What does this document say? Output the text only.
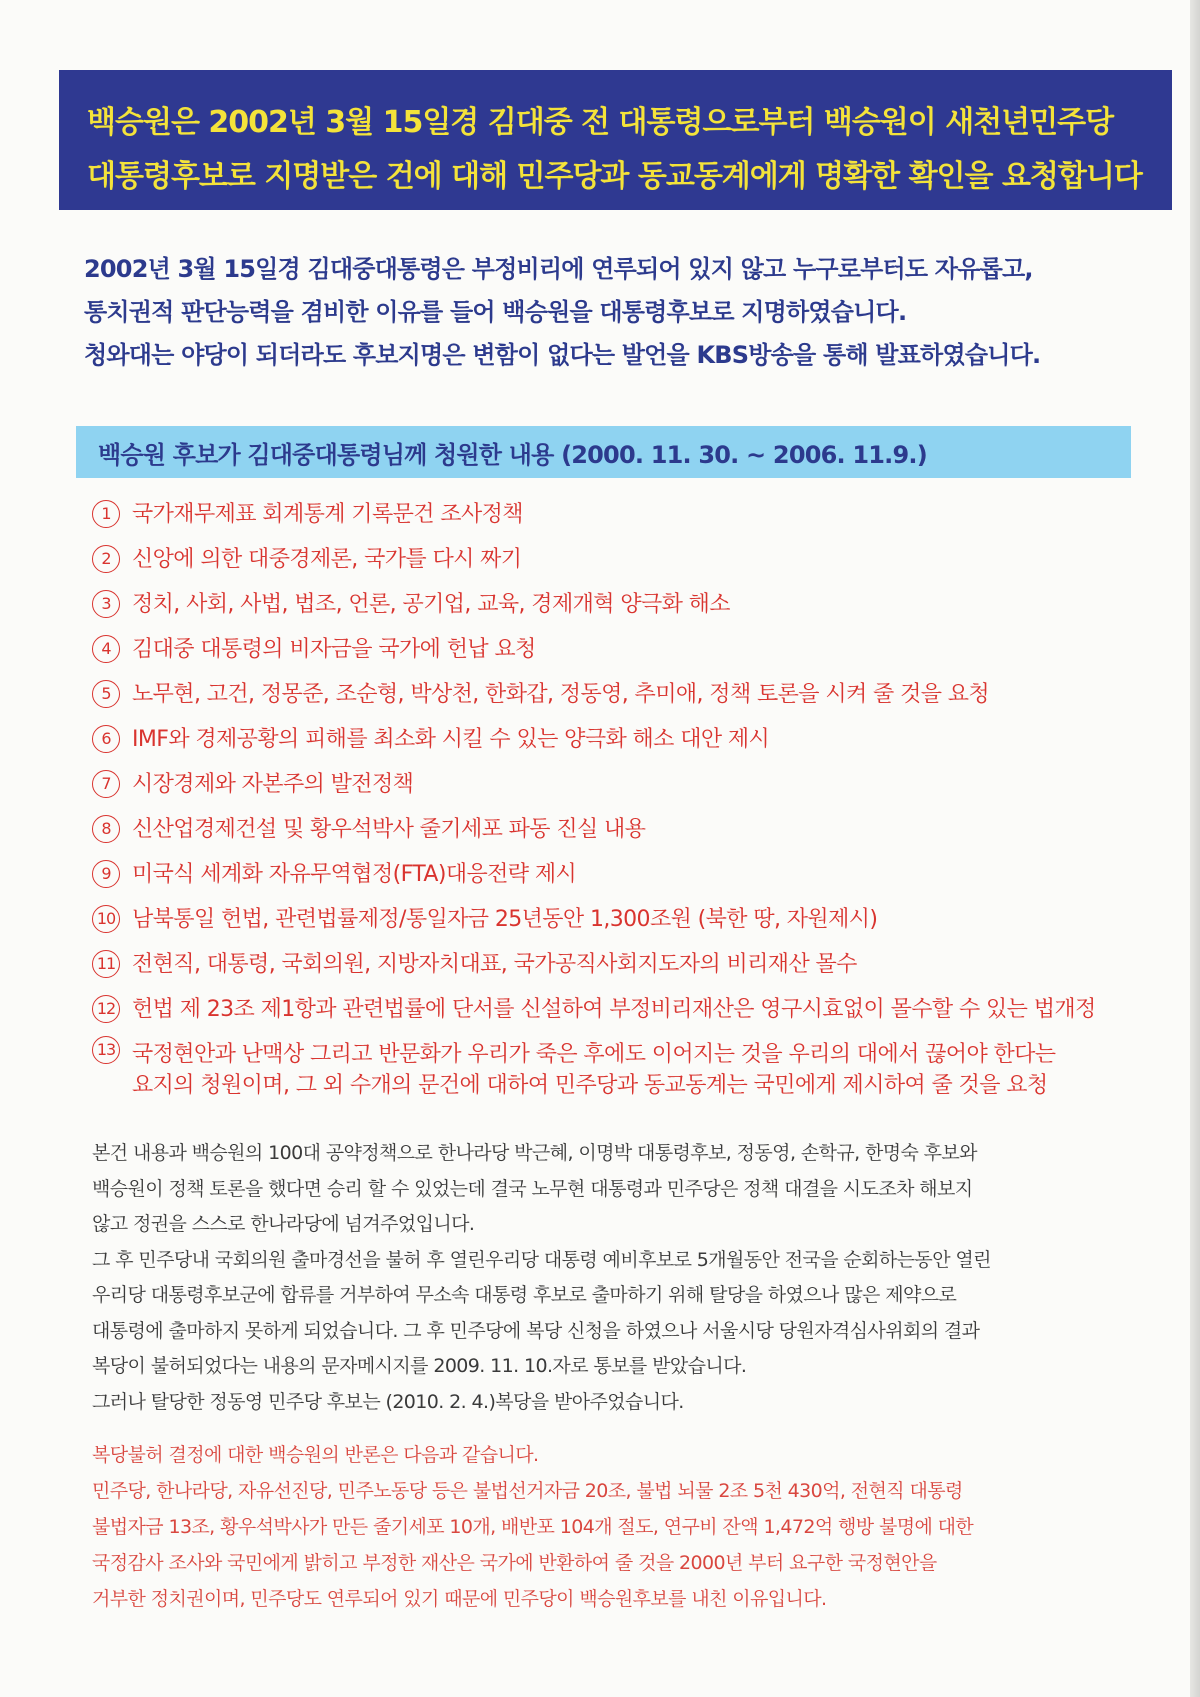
백승원은 2002년 3월 15일경 김대중 전 대통령으로부터 백승원이 새천년민주당
대통령후보로 지명받은 건에 대해 민주당과 동교동계에게 명확한 확인을 요청합니다
2002년 3월 15일경 김대중대통령은 부정비리에 연루되어 있지 않고 누구로부터도 자유롭고,
통치권적 판단능력을 겸비한 이유를 들어 백승원을 대통령후보로 지명하였습니다.
청와대는 야당이 되더라도 후보지명은 변함이 없다는 발언을 KBS방송을 통해 발표하였습니다.
백승원 후보가 김대중대통령님께 청원한 내용 (2000. 11. 30. ~ 2006. 11.9.)
1 국가재무제표 회계통계 기록문건 조사정책
2 신앙에 의한 대중경제론, 국가틀 다시 짜기
3 정치, 사회, 사법, 법조, 언론, 공기업, 교육, 경제개혁 양극화 해소
4 김대중 대통령의 비자금을 국가에 헌납 요청
5 노무현, 고건, 정몽준, 조순형, 박상천, 한화갑, 정동영, 추미애, 정책 토론을 시켜 줄 것을 요청
6 IMF와 경제공황의 피해를 최소화 시킬 수 있는 양극화 해소 대안 제시
7 시장경제와 자본주의 발전정책
8 신산업경제건설 및 황우석박사 줄기세포 파동 진실 내용
9 미국식 세계화 자유무역협정(FTA)대응전략 제시
10 남북통일 헌법, 관련법률제정/통일자금 25년동안 1,300조원 (북한 땅, 자원제시)
11 전현직, 대통령, 국회의원, 지방자치대표, 국가공직사회지도자의 비리재산 몰수
12 헌법 제 23조 제1항과 관련법률에 단서를 신설하여 부정비리재산은 영구시효없이 몰수할 수 있는 법개정
13 국정현안과 난맥상 그리고 반문화가 우리가 죽은 후에도 이어지는 것을 우리의 대에서 끊어야 한다는
요지의 청원이며, 그 외 수개의 문건에 대하여 민주당과 동교동계는 국민에게 제시하여 줄 것을 요청
본건 내용과 백승원의 100대 공약정책으로 한나라당 박근혜, 이명박 대통령후보, 정동영, 손학규, 한명숙 후보와
백승원이 정책 토론을 했다면 승리 할 수 있었는데 결국 노무현 대통령과 민주당은 정책 대결을 시도조차 해보지
않고 정권을 스스로 한나라당에 넘겨주었입니다.
그 후 민주당내 국회의원 출마경선을 불허 후 열린우리당 대통령 예비후보로 5개월동안 전국을 순회하는동안 열린
우리당 대통령후보군에 합류를 거부하여 무소속 대통령 후보로 출마하기 위해 탈당을 하였으나 많은 제약으로
대통령에 출마하지 못하게 되었습니다. 그 후 민주당에 복당 신청을 하였으나 서울시당 당원자격심사위회의 결과
복당이 불허되었다는 내용의 문자메시지를 2009. 11. 10.자로 통보를 받았습니다.
그러나 탈당한 정동영 민주당 후보는 (2010. 2. 4.)복당을 받아주었습니다.
복당불허 결정에 대한 백승원의 반론은 다음과 같습니다.
민주당, 한나라당, 자유선진당, 민주노동당 등은 불법선거자금 20조, 불법 뇌물 2조 5천 430억, 전현직 대통령
불법자금 13조, 황우석박사가 만든 줄기세포 10개, 배반포 104개 절도, 연구비 잔액 1,472억 행방 불명에 대한
국정감사 조사와 국민에게 밝히고 부정한 재산은 국가에 반환하여 줄 것을 2000년 부터 요구한 국정현안을
거부한 정치권이며, 민주당도 연루되어 있기 때문에 민주당이 백승원후보를 내친 이유입니다.
